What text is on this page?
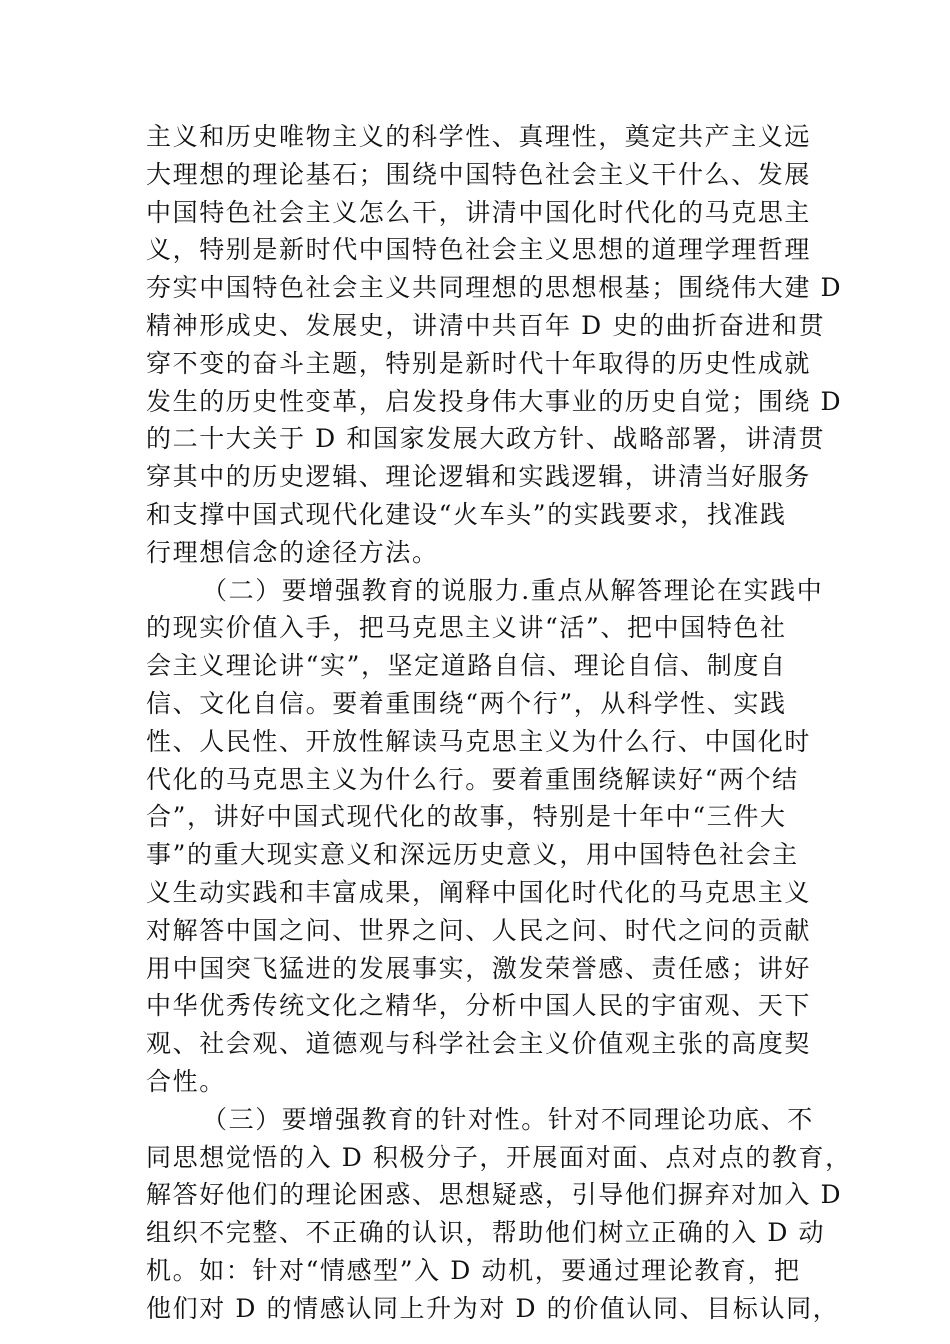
主义和历史唯物主义的科学性、真理性，奠定共产主义远
大理想的理论基石；围绕中国特色社会主义干什么、发展
中国特色社会主义怎么干，讲清中国化时代化的马克思主
义，特别是新时代中国特色社会主义思想的道理学理哲理
夯实中国特色社会主义共同理想的思想根基；围绕伟大建 D
精神形成史、发展史，讲清中共百年 D 史的曲折奋进和贯
穿不变的奋斗主题，特别是新时代十年取得的历史性成就
发生的历史性变革，启发投身伟大事业的历史自觉；围绕 D
的二十大关于 D 和国家发展大政方针、战略部署，讲清贯
穿其中的历史逻辑、理论逻辑和实践逻辑，讲清当好服务
和支撑中国式现代化建设“火车头”的实践要求，找准践
行理想信念的途径方法。
（二）要增强教育的说服力.重点从解答理论在实践中
的现实价值入手，把马克思主义讲“活”、把中国特色社
会主义理论讲“实”，坚定道路自信、理论自信、制度自
信、文化自信。要着重围绕“两个行”，从科学性、实践
性、人民性、开放性解读马克思主义为什么行、中国化时
代化的马克思主义为什么行。要着重围绕解读好“两个结
合”，讲好中国式现代化的故事，特别是十年中“三件大
事”的重大现实意义和深远历史意义，用中国特色社会主
义生动实践和丰富成果，阐释中国化时代化的马克思主义
对解答中国之问、世界之问、人民之问、时代之问的贡献
用中国突飞猛进的发展事实，激发荣誉感、责任感；讲好
中华优秀传统文化之精华，分析中国人民的宇宙观、天下
观、社会观、道德观与科学社会主义价值观主张的高度契
合性。
（三）要增强教育的针对性。针对不同理论功底、不
同思想觉悟的入 D 积极分子，开展面对面、点对点的教育，
解答好他们的理论困惑、思想疑惑，引导他们摒弃对加入 D
组织不完整、不正确的认识，帮助他们树立正确的入 D 动
机。如：针对“情感型”入 D 动机，要通过理论教育，把
他们对 D 的情感认同上升为对 D 的价值认同、目标认同，
